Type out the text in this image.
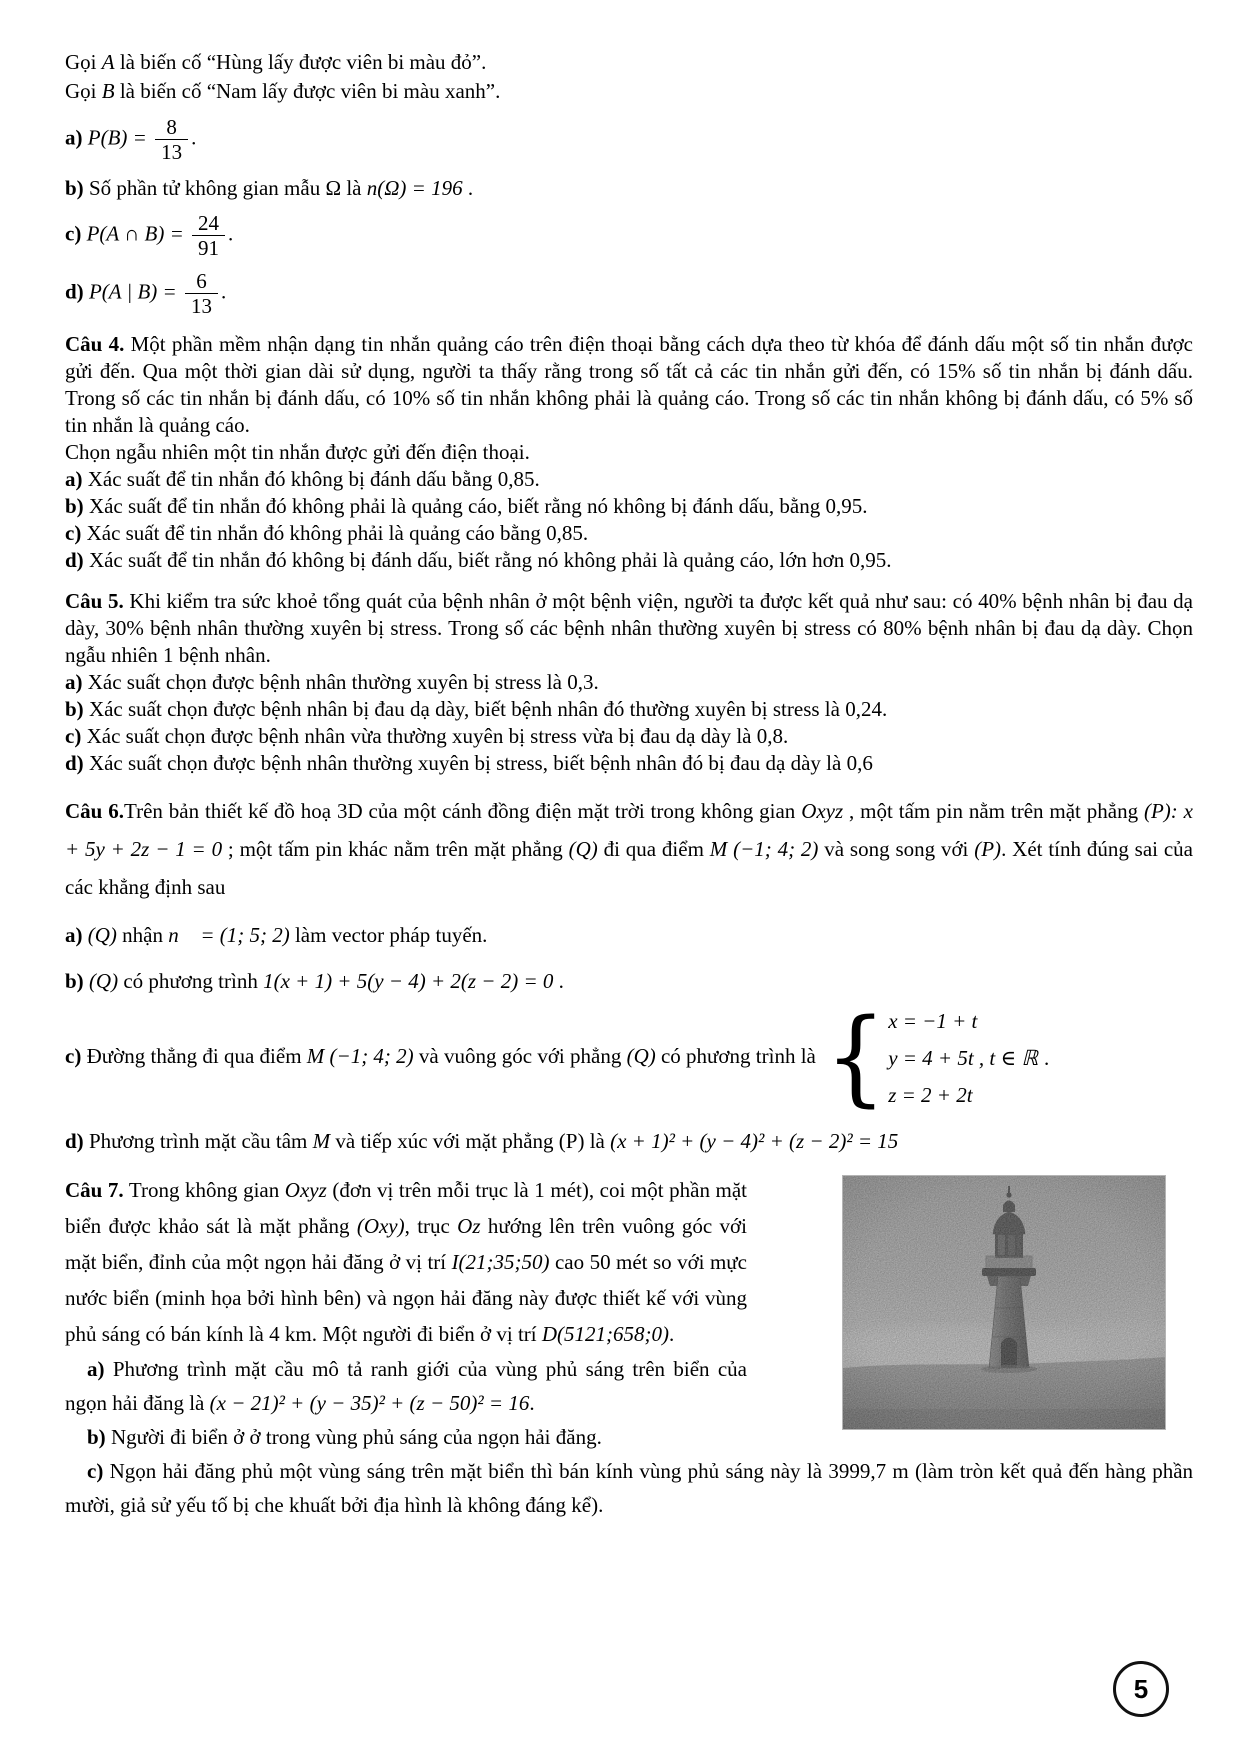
Gọi A là biến cố “Hùng lấy được viên bi màu đỏ”.

Gọi B là biến cố “Nam lấy được viên bi màu xanh”.

a) $P(B) = \frac{8}{13}$ .

b) Số phần tử không gian mẫu Ω là n(Ω) = 196 .

c) P(A ∩ $B) = \frac{24}{91}$ .

d) P(A | $B) = \frac{6}{13}$ .

Câu 4. Một phần mềm nhận dạng tin nhắn quảng cáo trên điện thoại bằng cách dựa theo từ khóa để đánh dấu một số tin nhắn được gửi đến. Qua một thời gian dài sử dụng, người ta thấy rằng trong số tất cả các tin nhắn gửi đến, có 15% số tin nhắn bị đánh dấu. Trong số các tin nhắn bị đánh dấu, có 10% số tin nhắn không phải là quảng cáo. Trong số các tin nhắn không bị đánh dấu, có 5% số tin nhắn là quảng cáo.

Chọn ngẫu nhiên một tin nhắn được gửi đến điện thoại.

a) Xác suất để tin nhắn đó không bị đánh dấu bằng 0,85.

b) Xác suất để tin nhắn đó không phải là quảng cáo, biết rằng nó không bị đánh dấu, bằng 0,95.

c) Xác suất để tin nhắn đó không phải là quảng cáo bằng 0,85.

d) Xác suất để tin nhắn đó không bị đánh dấu, biết rằng nó không phải là quảng cáo, lớn hơn 0,95.

Câu 5. Khi kiểm tra sức khoẻ tổng quát của bệnh nhân ở một bệnh viện, người ta được kết quả như sau: có 40% bệnh nhân bị đau dạ dày, 30% bệnh nhân thường xuyên bị stress. Trong số các bệnh nhân thường xuyên bị stress có 80% bệnh nhân bị đau dạ dày. Chọn ngẫu nhiên 1 bệnh nhân.

a) Xác suất chọn được bệnh nhân thường xuyên bị stress là 0,3.

b) Xác suất chọn được bệnh nhân bị đau dạ dày, biết bệnh nhân đó thường xuyên bị stress là 0,24.

c) Xác suất chọn được bệnh nhân vừa thường xuyên bị stress vừa bị đau dạ dày là 0,8.

d) Xác suất chọn được bệnh nhân thường xuyên bị stress, biết bệnh nhân đó bị đau dạ dày là 0,6

Câu 6.Trên bản thiết kế đồ hoạ 3D của một cánh đồng điện mặt trời trong không gian Oxyz , một tấm pin nằm trên mặt phẳng (P): x + 5y + 2z − 1 = 0 ; một tấm pin khác nằm trên mặt phẳng (Q) đi qua điểm M (−1; 4; 2) và song song với (P). Xét tính đúng sai của các khẳng định sau

a) (Q) nhận n⃗ = (1; 5; 2) làm vector pháp tuyến.

b) (Q) có phương trình 1(x + 1) + 5(y − 4) + 2(z − 2) = 0 .

c) Đường thẳng đi qua điểm M (−1; 4; 2) và vuông góc với phẳng (Q) có phương trình là { x = −1 + t
y = 4 + 5t , t ∈ ℝ
z = 2 + 2t
.

d) Phương trình mặt cầu tâm M và tiếp xúc với mặt phẳng (P) là (x + 1)² + (y − 4)² + (z − 2)² = 15

Câu 7. Trong không gian Oxyz (đơn vị trên mỗi trục là 1 mét), coi một phần mặt biển được khảo sát là mặt phẳng (Oxy), trục Oz hướng lên trên vuông góc với mặt biển, đỉnh của một ngọn hải đăng ở vị trí I(21;35;50) cao 50 mét so với mực nước biển (minh họa bởi hình bên) và ngọn hải đăng này được thiết kế với vùng phủ sáng có bán kính là 4 km. Một người đi biển ở vị trí D(5121;658;0).

a) Phương trình mặt cầu mô tả ranh giới của vùng phủ sáng trên biển của ngọn hải đăng là (x − 21)² + (y − 35)² + (z − 50)² = 16.

b) Người đi biển ở ở trong vùng phủ sáng của ngọn hải đăng.

c) Ngọn hải đăng phủ một vùng sáng trên mặt biển thì bán kính vùng phủ sáng này là 3999,7 m (làm tròn kết quả đến hàng phần mười, giả sử yếu tố bị che khuất bởi địa hình là không đáng kể).

5
